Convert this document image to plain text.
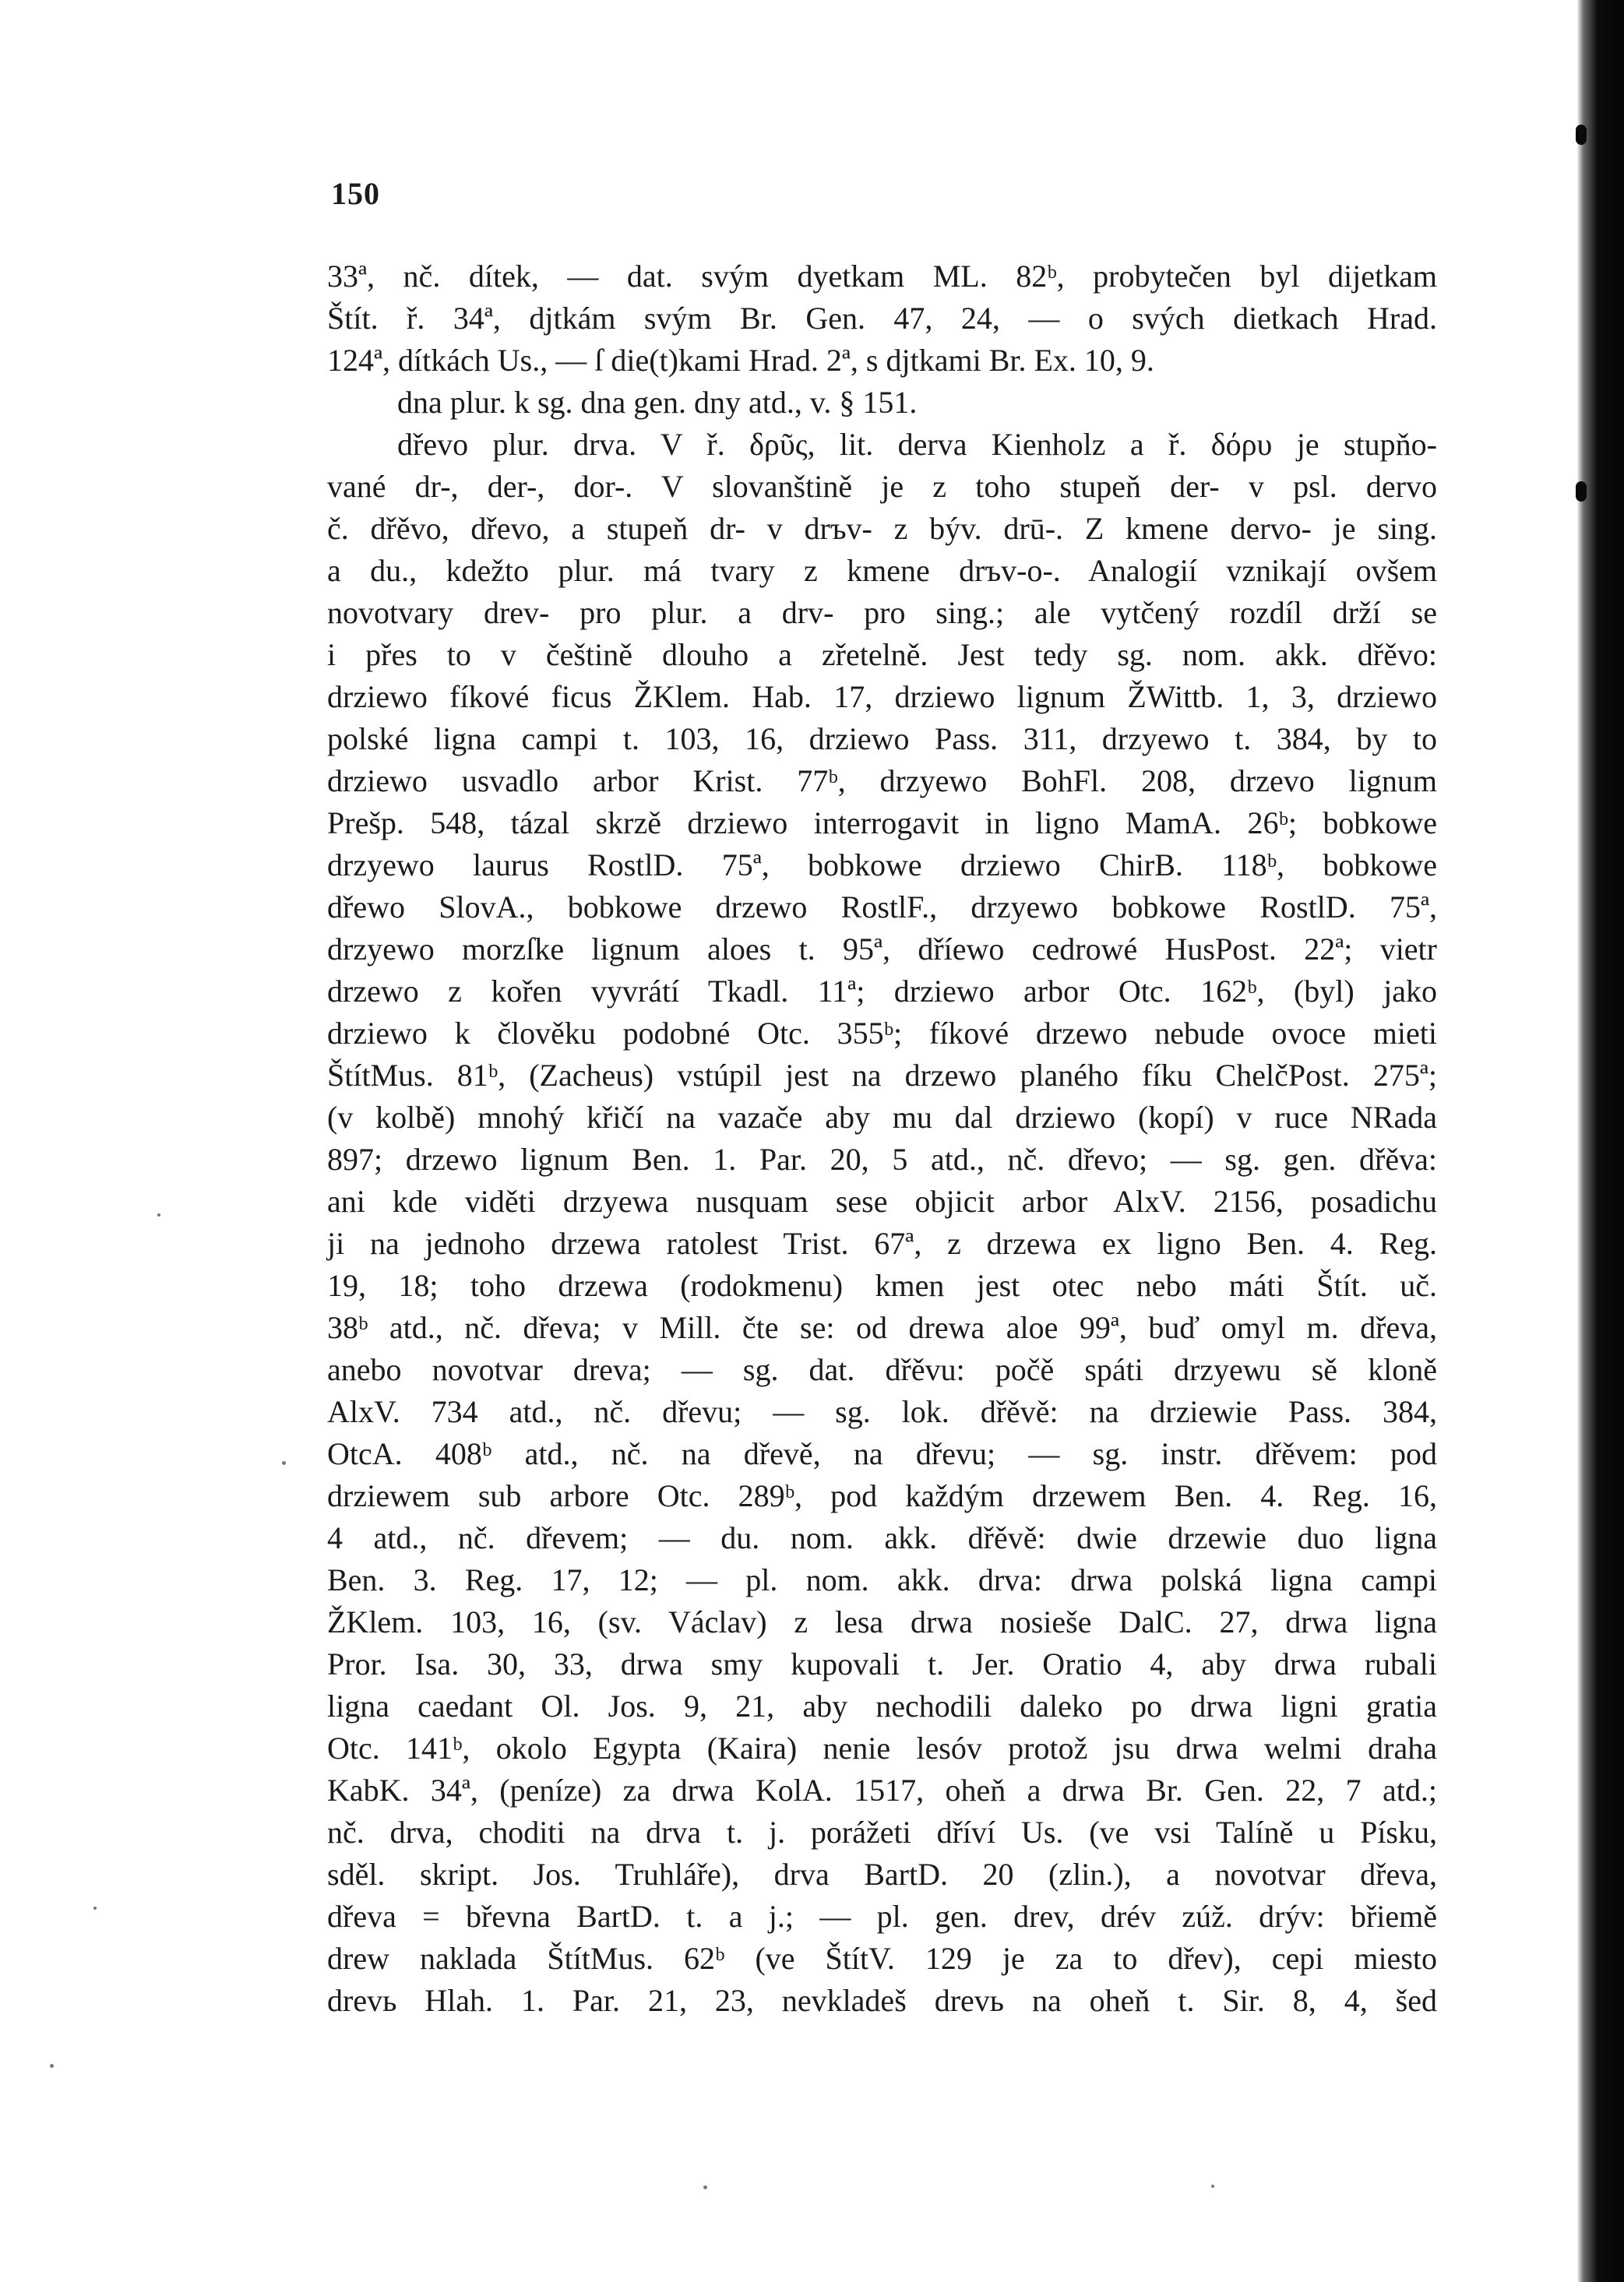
150
33ª, nč. dítek, — dat. svým dyetkam ML. 82ᵇ, probytečen byl dijetkam
Štít. ř. 34ª, djtkám svým Br. Gen. 47, 24, — o svých dietkach Hrad.
124ª, dítkách Us., — ſ die(t)kami Hrad. 2ª, s djtkami Br. Ex. 10, 9.
dna plur. k sg. dna gen. dny atd., v. § 151.
dřevo plur. drva. V ř. δρῦς, lit. derva Kienholz a ř. δόρυ je stupňo-
vané dr-, der-, dor-. V slovanštině je z toho stupeň der- v psl. dervo
č. dřěvo, dřevo, a stupeň dr- v drъv- z býv. drū-. Z kmene dervo- je sing.
a du., kdežto plur. má tvary z kmene drъv-o-. Analogií vznikají ovšem
novotvary drev- pro plur. a drv- pro sing.; ale vytčený rozdíl drží se
i přes to v češtině dlouho a zřetelně. Jest tedy sg. nom. akk. dřěvo:
drziewo fíkové ficus ŽKlem. Hab. 17, drziewo lignum ŽWittb. 1, 3, drziewo
polské ligna campi t. 103, 16, drziewo Pass. 311, drzyewo t. 384, by to
drziewo usvadlo arbor Krist. 77ᵇ, drzyewo BohFl. 208, drzevo lignum
Prešp. 548, tázal skrzě drziewo interrogavit in ligno MamA. 26ᵇ; bobkowe
drzyewo laurus RostlD. 75ª, bobkowe drziewo ChirB. 118ᵇ, bobkowe
dřewo SlovA., bobkowe drzewo RostlF., drzyewo bobkowe RostlD. 75ª,
drzyewo morzſke lignum aloes t. 95ª, dříewo cedrowé HusPost. 22ª; vietr
drzewo z kořen vyvrátí Tkadl. 11ª; drziewo arbor Otc. 162ᵇ, (byl) jako
drziewo k člověku podobné Otc. 355ᵇ; fíkové drzewo nebude ovoce mieti
ŠtítMus. 81ᵇ, (Zacheus) vstúpil jest na drzewo planého fíku ChelčPost. 275ª;
(v kolbě) mnohý křičí na vazače aby mu dal drziewo (kopí) v ruce NRada
897; drzewo lignum Ben. 1. Par. 20, 5 atd., nč. dřevo; — sg. gen. dřěva:
ani kde viděti drzyewa nusquam sese objicit arbor AlxV. 2156, posadichu
ji na jednoho drzewa ratolest Trist. 67ª, z drzewa ex ligno Ben. 4. Reg.
19, 18; toho drzewa (rodokmenu) kmen jest otec nebo máti Štít. uč.
38ᵇ atd., nč. dřeva; v Mill. čte se: od drewa aloe 99ª, buď omyl m. dřeva,
anebo novotvar dreva; — sg. dat. dřěvu: počě spáti drzyewu sě kloně
AlxV. 734 atd., nč. dřevu; — sg. lok. dřěvě: na drziewie Pass. 384,
OtcA. 408ᵇ atd., nč. na dřevě, na dřevu; — sg. instr. dřěvem: pod
drziewem sub arbore Otc. 289ᵇ, pod každým drzewem Ben. 4. Reg. 16,
4 atd., nč. dřevem; — du. nom. akk. dřěvě: dwie drzewie duo ligna
Ben. 3. Reg. 17, 12; — pl. nom. akk. drva: drwa polská ligna campi
ŽKlem. 103, 16, (sv. Václav) z lesa drwa nosieše DalC. 27, drwa ligna
Pror. Isa. 30, 33, drwa smy kupovali t. Jer. Oratio 4, aby drwa rubali
ligna caedant Ol. Jos. 9, 21, aby nechodili daleko po drwa ligni gratia
Otc. 141ᵇ, okolo Egypta (Kaira) nenie lesóv protož jsu drwa welmi draha
KabK. 34ª, (peníze) za drwa KolA. 1517, oheň a drwa Br. Gen. 22, 7 atd.;
nč. drva, choditi na drva t. j. porážeti dříví Us. (ve vsi Talíně u Písku,
sděl. skript. Jos. Truhláře), drva BartD. 20 (zlin.), a novotvar dřeva,
dřeva = břevna BartD. t. a j.; — pl. gen. drev, drév zúž. drýv: břiemě
drew naklada ŠtítMus. 62ᵇ (ve ŠtítV. 129 je za to dřev), cepi miesto
drevь Hlah. 1. Par. 21, 23, nevkladeš drevь na oheň t. Sir. 8, 4, šed
